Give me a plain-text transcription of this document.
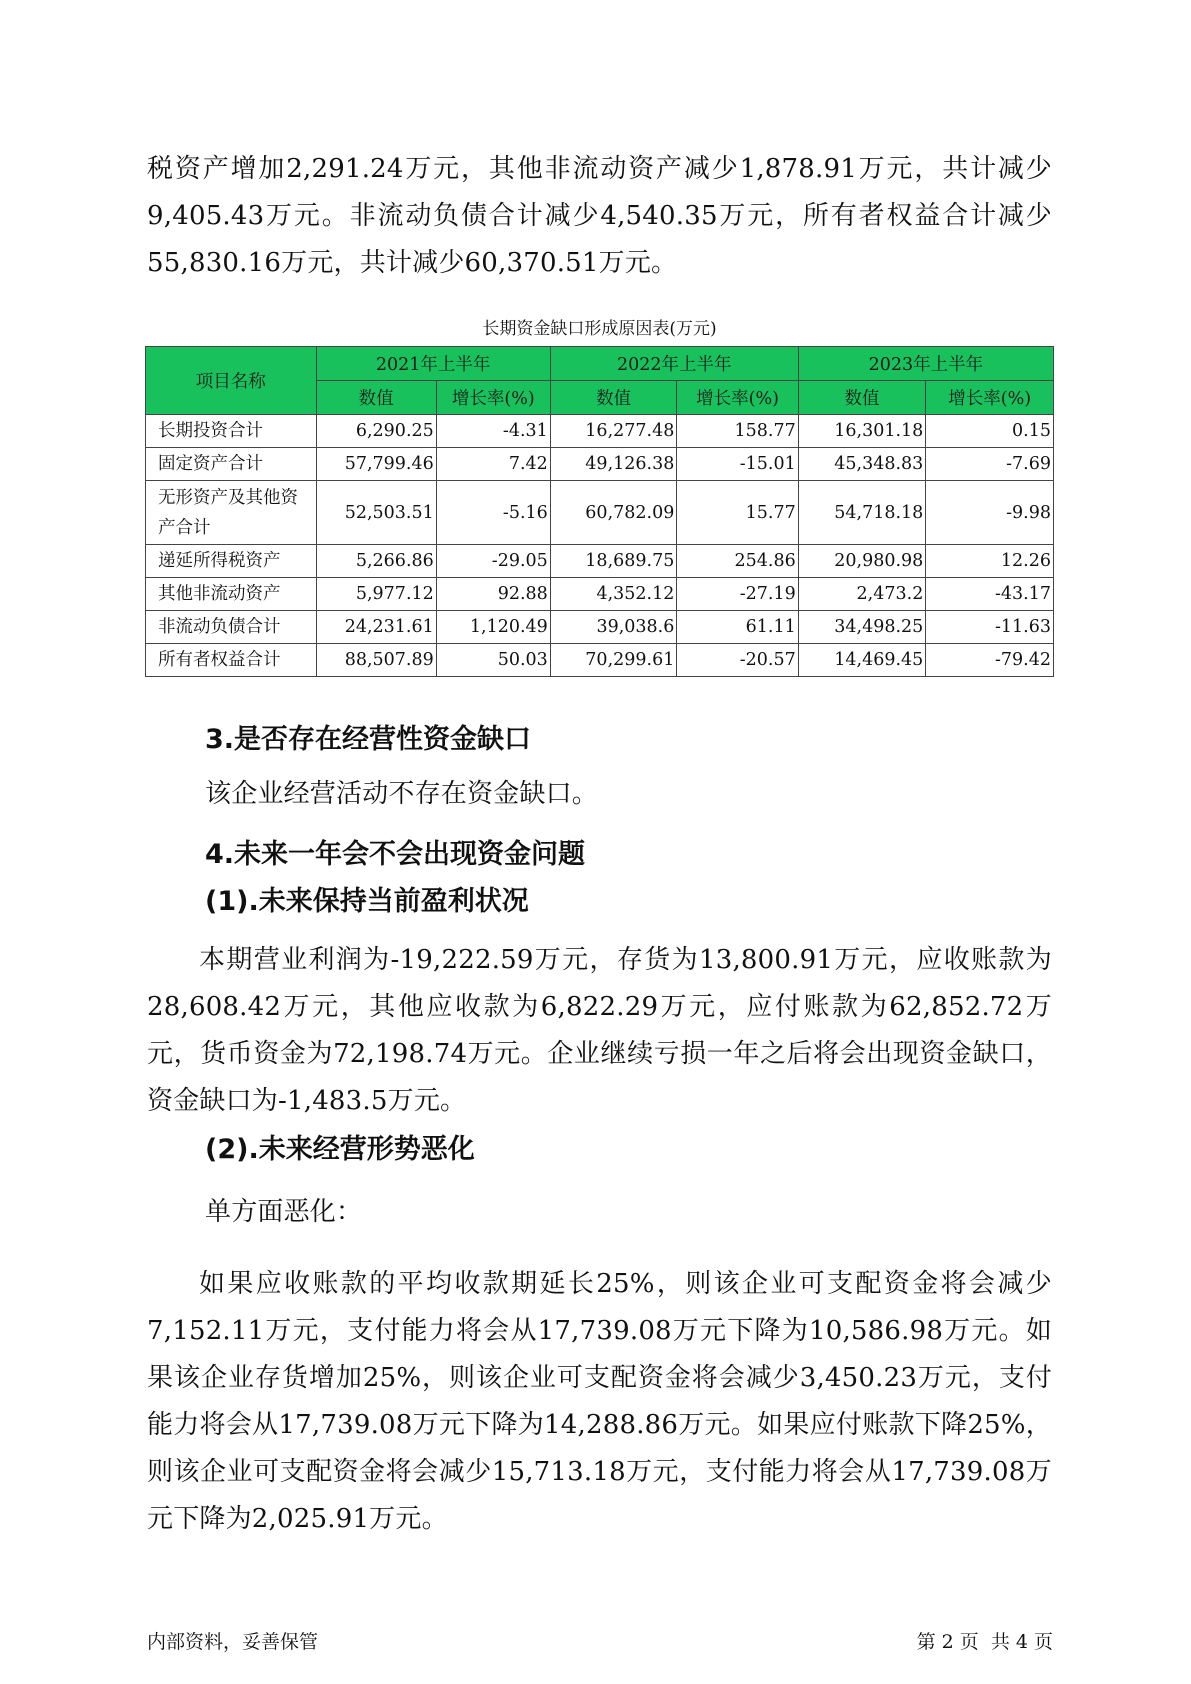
税资产增加2,291.24万元，其他非流动资产减少1,878.91万元，共计减少9,405.43万元。非流动负债合计减少4,540.35万元，所有者权益合计减少55,830.16万元，共计减少60,370.51万元。

长期资金缺口形成原因表(万元)
项目名称	2021年上半年		2022年上半年		2023年上半年	
	数值	增长率(%)	数值	增长率(%)	数值	增长率(%)
长期投资合计	6,290.25	-4.31	16,277.48	158.77	16,301.18	0.15
固定资产合计	57,799.46	7.42	49,126.38	-15.01	45,348.83	-7.69
无形资产及其他资产合计	52,503.51	-5.16	60,782.09	15.77	54,718.18	-9.98
递延所得税资产	5,266.86	-29.05	18,689.75	254.86	20,980.98	12.26
其他非流动资产	5,977.12	92.88	4,352.12	-27.19	2,473.2	-43.17
非流动负债合计	24,231.61	1,120.49	39,038.6	61.11	34,498.25	-11.63
所有者权益合计	88,507.89	50.03	70,299.61	-20.57	14,469.45	-79.42
3.是否存在经营性资金缺口

该企业经营活动不存在资金缺口。

4.未来一年会不会出现资金问题
(1).未来保持当前盈利状况

本期营业利润为-19,222.59万元，存货为13,800.91万元，应收账款为28,608.42万元，其他应收款为6,822.29万元，应付账款为62,852.72万元，货币资金为72,198.74万元。企业继续亏损一年之后将会出现资金缺口，资金缺口为-1,483.5万元。

(2).未来经营形势恶化

单方面恶化：

如果应收账款的平均收款期延长25%，则该企业可支配资金将会减少7,152.11万元，支付能力将会从17,739.08万元下降为10,586.98万元。如果该企业存货增加25%，则该企业可支配资金将会减少3,450.23万元，支付能力将会从17,739.08万元下降为14,288.86万元。如果应付账款下降25%，则该企业可支配资金将会减少15,713.18万元，支付能力将会从17,739.08万元下降为2,025.91万元。

内部资料，妥善保管	第 2 页  共 4 页
